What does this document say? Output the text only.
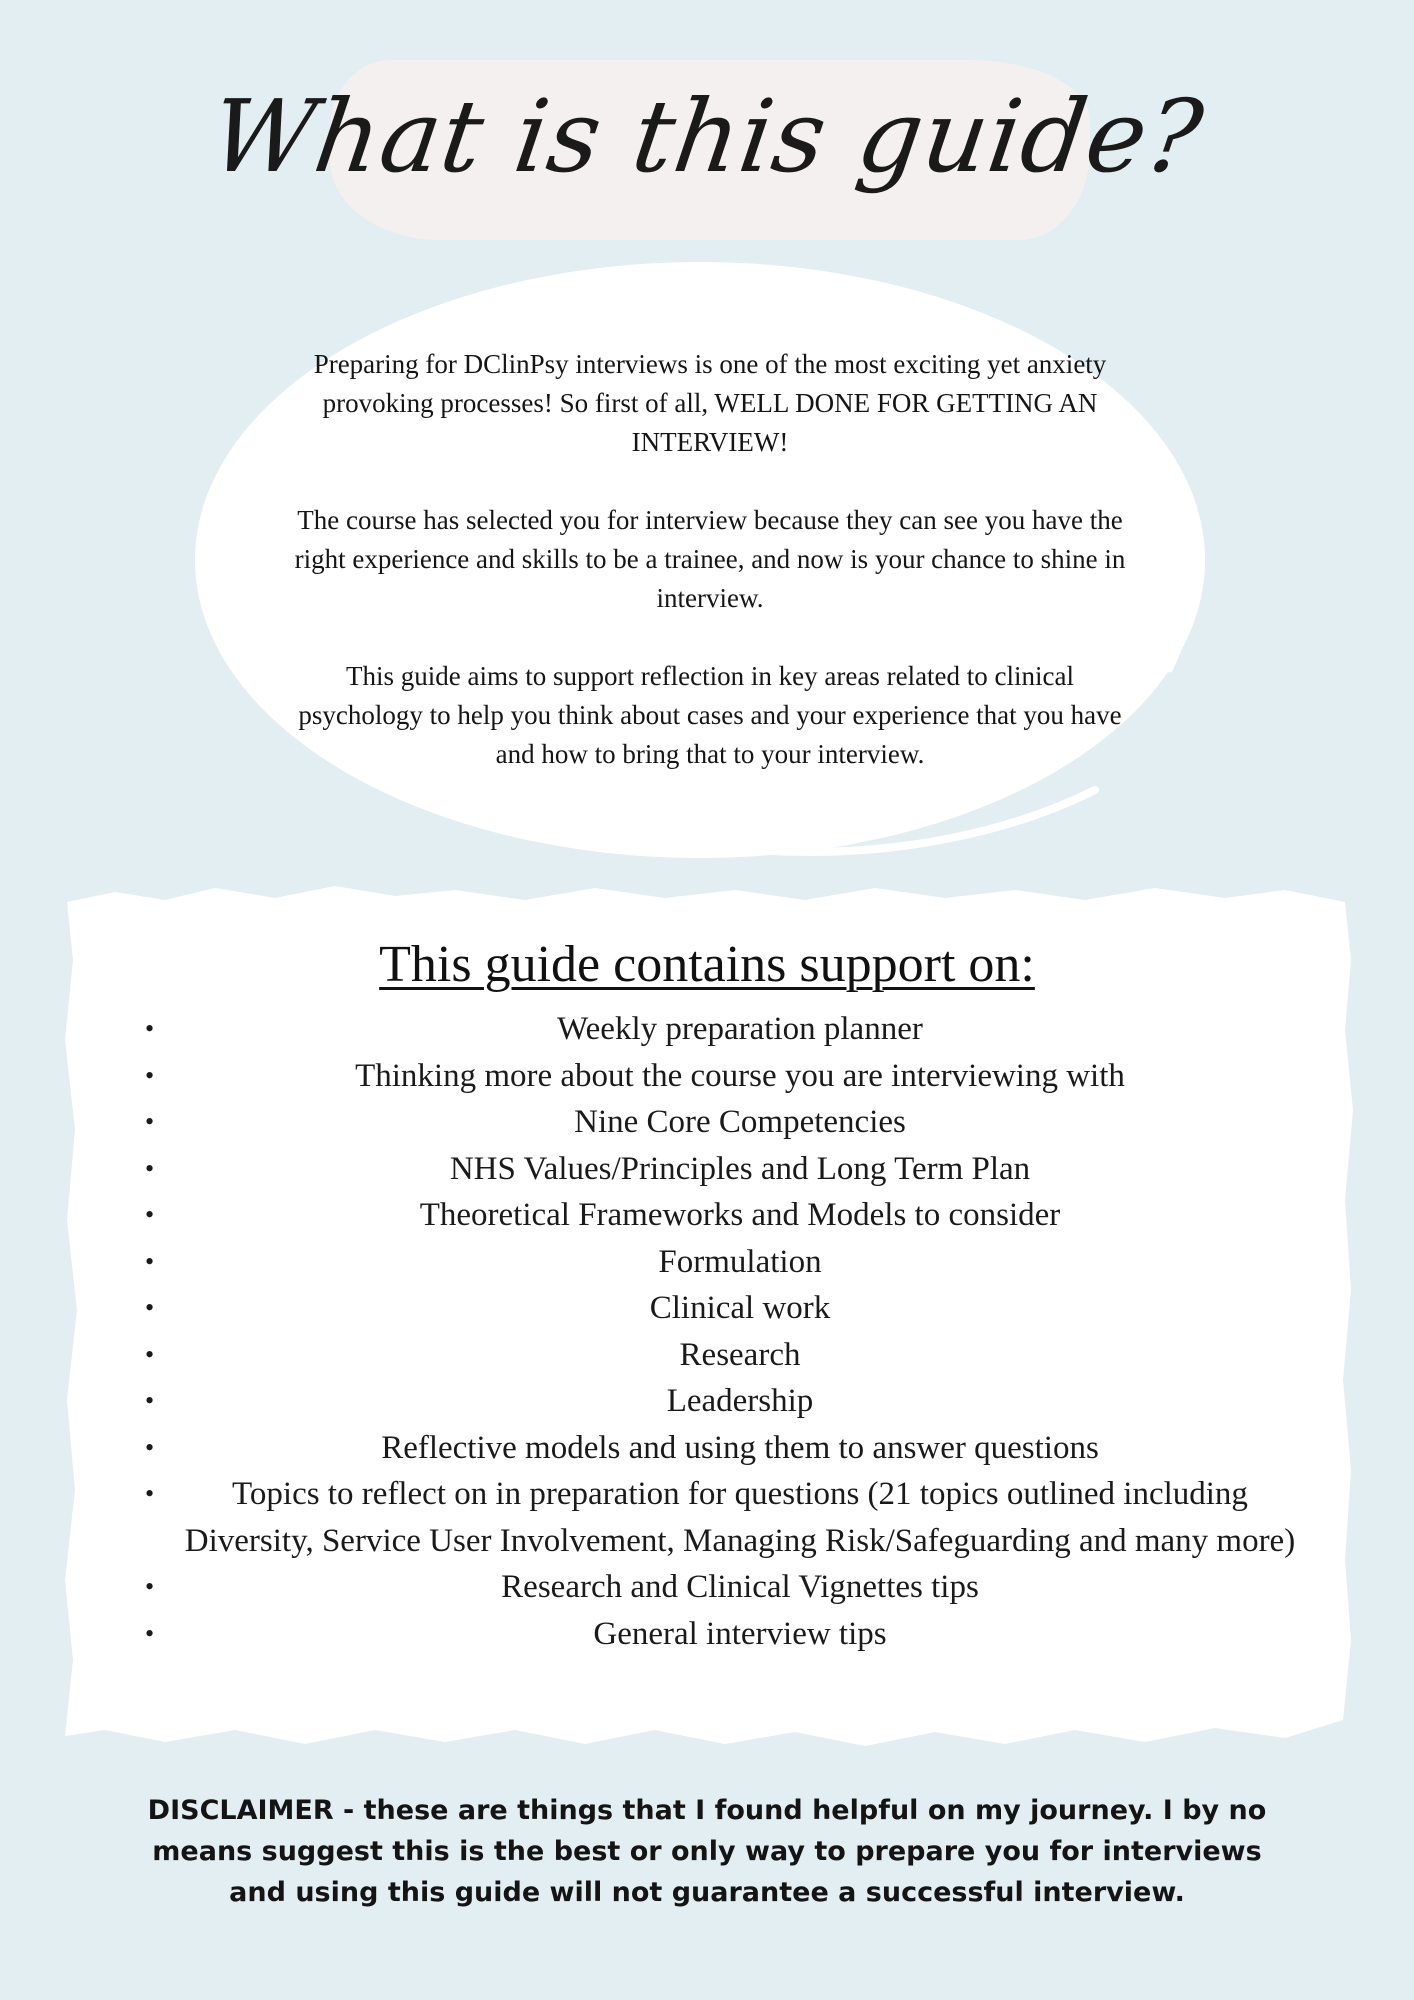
What is this guide?

Preparing for DClinPsy interviews is one of the most exciting yet anxiety provoking processes! So first of all, WELL DONE FOR GETTING AN INTERVIEW!

The course has selected you for interview because they can see you have the right experience and skills to be a trainee, and now is your chance to shine in interview.

This guide aims to support reflection in key areas related to clinical psychology to help you think about cases and your experience that you have and how to bring that to your interview.

This guide contains support on:
•	Weekly preparation planner
•	Thinking more about the course you are interviewing with
•	Nine Core Competencies
•	NHS Values/Principles and Long Term Plan
•	Theoretical Frameworks and Models to consider
•	Formulation
•	Clinical work
•	Research
•	Leadership
•	Reflective models and using them to answer questions
• Topics to reflect on in preparation for questions (21 topics outlined including Diversity, Service User Involvement, Managing Risk/Safeguarding and many more)
•	Research and Clinical Vignettes tips
•	General interview tips

DISCLAIMER - these are things that I found helpful on my journey. I by no means suggest this is the best or only way to prepare you for interviews and using this guide will not guarantee a successful interview.
